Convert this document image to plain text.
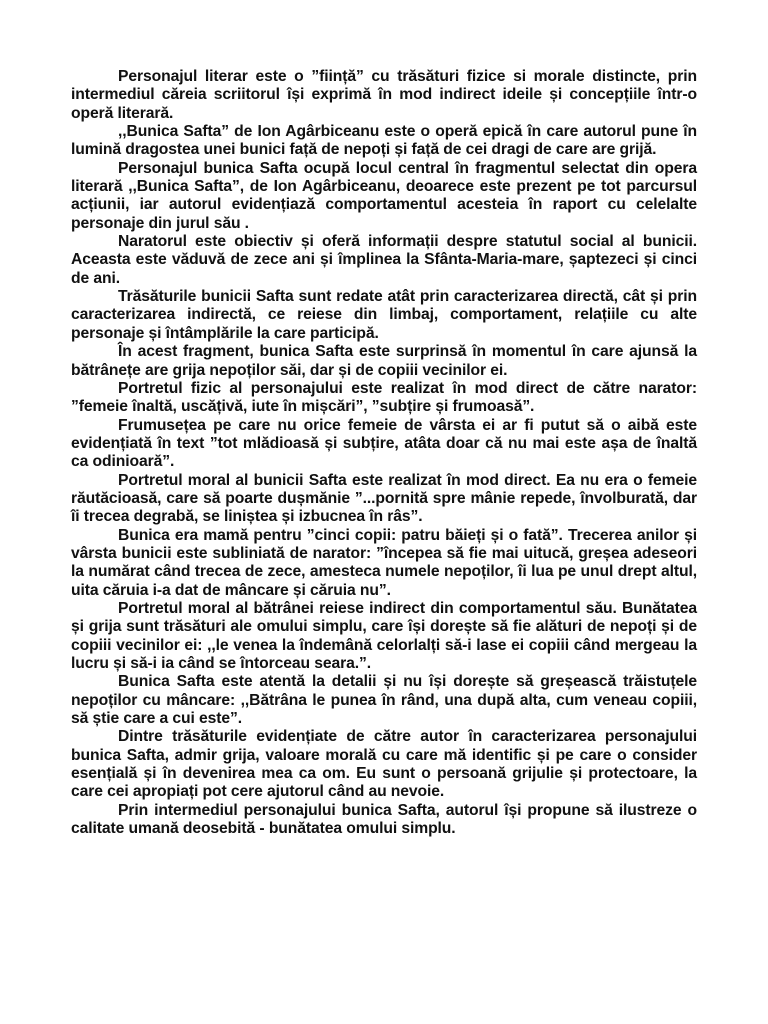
Personajul literar este o ”ființă” cu trăsături fizice si morale distincte, prin intermediul căreia scriitorul își exprimă în mod indirect ideile și concepțiile într-o operă literară.

,,Bunica Safta” de Ion Agârbiceanu este o operă epică în care autorul pune în lumină dragostea unei bunici față de nepoți și față de cei dragi de care are grijă.

Personajul bunica Safta ocupă locul central în fragmentul selectat din opera literară ,,Bunica Safta”, de Ion Agârbiceanu, deoarece este prezent pe tot parcursul acțiunii, iar autorul evidențiază comportamentul acesteia în raport cu celelalte personaje din jurul său .

Naratorul este obiectiv și oferă informații despre statutul social al bunicii. Aceasta este văduvă de zece ani și împlinea la Sfânta-Maria-mare, șaptezeci și cinci de ani.

Trăsăturile bunicii Safta sunt redate atât prin caracterizarea directă, cât și prin caracterizarea indirectă, ce reiese din limbaj, comportament, relațiile cu alte personaje și întâmplările la care participă.

În acest fragment, bunica Safta este surprinsă în momentul în care ajunsă la bătrânețe are grija nepoților săi, dar și de copiii vecinilor ei.

Portretul fizic al personajului este realizat în mod direct de către narator: ”femeie înaltă, uscățivă, iute în mișcări”, ”subțire și frumoasă”.

Frumusețea pe care nu orice femeie de vârsta ei ar fi putut să o aibă este evidențiată în text ”tot mlădioasă și subțire, atâta doar că nu mai este așa de înaltă ca odinioară”.

Portretul moral al bunicii Safta este realizat în mod direct. Ea nu era o femeie răutăcioasă, care să poarte dușmănie ”...pornită spre mânie repede, învolburată, dar îi trecea degrabă, se liniștea și izbucnea în râs”.

Bunica era mamă pentru ”cinci copii: patru băieți și o fată”. Trecerea anilor și vârsta bunicii este subliniată de narator: ”începea să fie mai uitucă, greșea adeseori la numărat când trecea de zece, amesteca numele nepoților, îi lua pe unul drept altul, uita căruia i-a dat de mâncare și căruia nu”.

Portretul moral al bătrânei reiese indirect din comportamentul său. Bunătatea și grija sunt trăsături ale omului simplu, care își dorește să fie alături de nepoți și de copiii vecinilor ei: ,,le venea la îndemână celorlalți să-i lase ei copiii când mergeau la lucru și să-i ia când se întorceau seara.”.

Bunica Safta este atentă la detalii și nu își dorește să greșească trăistuțele nepoților cu mâncare: ,,Bătrâna le punea în rând, una după alta, cum veneau copiii, să știe care a cui este”.

Dintre trăsăturile evidențiate de către autor în caracterizarea personajului bunica Safta, admir grija, valoare morală cu care mă identific și pe care o consider esențială și în devenirea mea ca om. Eu sunt o persoană grijulie și protectoare, la care cei apropiați pot cere ajutorul când au nevoie.

Prin intermediul personajului bunica Safta, autorul își propune să ilustreze o calitate umană deosebită - bunătatea omului simplu.
